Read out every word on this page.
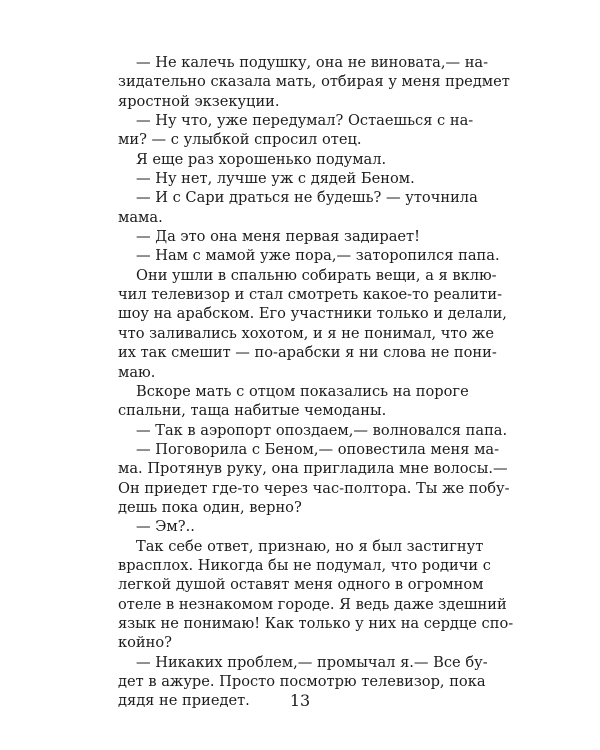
— Не калечь подушку, она не виновата,— на-
зидательно сказала мать, отбирая у меня предмет
яростной экзекуции.
— Ну что, уже передумал? Остаешься с на-
ми? — с улыбкой спросил отец.
Я еще раз хорошенько подумал.
— Ну нет, лучше уж с дядей Беном.
— И с Сари драться не будешь? — уточнила
мама.
— Да это она меня первая задирает!
— Нам с мамой уже пора,— заторопился папа.
Они ушли в спальню собирать вещи, а я вклю-
чил телевизор и стал смотреть какое-то реалити-
шоу на арабском. Его участники только и делали,
что заливались хохотом, и я не понимал, что же
их так смешит — по-арабски я ни слова не пони-
маю.
Вскоре мать с отцом показались на пороге
спальни, таща набитые чемоданы.
— Так в аэропорт опоздаем,— волновался папа.
— Поговорила с Беном,— оповестила меня ма-
ма. Протянув руку, она пригладила мне волосы.—
Он приедет где-то через час-полтора. Ты же побу-
дешь пока один, верно?
— Эм?..
Так себе ответ, признаю, но я был застигнут
врасплох. Никогда бы не подумал, что родичи с
легкой душой оставят меня одного в огромном
отеле в незнакомом городе. Я ведь даже здешний
язык не понимаю! Как только у них на сердце спо-
койно?
— Никаких проблем,— промычал я.— Все бу-
дет в ажуре. Просто посмотрю телевизор, пока
дядя не приедет.	13
